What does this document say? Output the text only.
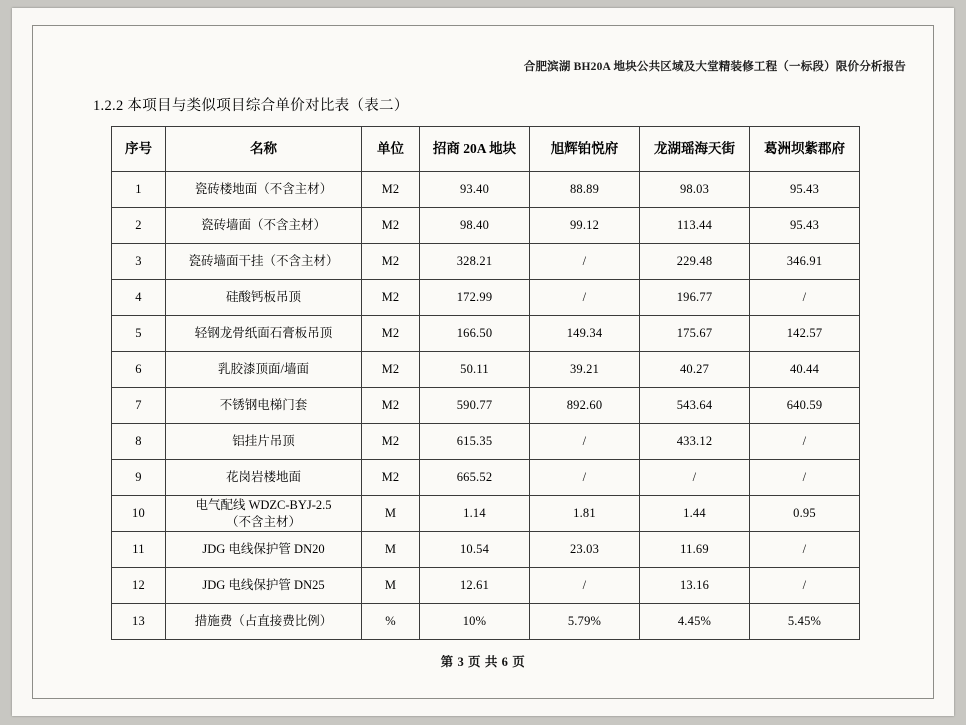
合肥滨湖 BH20A 地块公共区域及大堂精装修工程（一标段）限价分析报告
1.2.2 本项目与类似项目综合单价对比表（表二）
序号	名称	单位	招商 20A 地块	旭辉铂悦府	龙湖瑶海天街	葛洲坝紫郡府
1	瓷砖楼地面（不含主材）	M2	93.40	88.89	98.03	95.43
2	瓷砖墙面（不含主材）	M2	98.40	99.12	113.44	95.43
3	瓷砖墙面干挂（不含主材）	M2	328.21	/	229.48	346.91
4	硅酸钙板吊顶	M2	172.99	/	196.77	/
5	轻钢龙骨纸面石膏板吊顶	M2	166.50	149.34	175.67	142.57
6	乳胶漆顶面/墙面	M2	50.11	39.21	40.27	40.44
7	不锈钢电梯门套	M2	590.77	892.60	543.64	640.59
8	铝挂片吊顶	M2	615.35	/	433.12	/
9	花岗岩楼地面	M2	665.52	/	/	/
10	电气配线 WDZC-BYJ-2.5
（不含主材）	M	1.14	1.81	1.44	0.95
11	JDG 电线保护管 DN20	M	10.54	23.03	11.69	/
12	JDG 电线保护管 DN25	M	12.61	/	13.16	/
13	措施费（占直接费比例）	%	10%	5.79%	4.45%	5.45%
第 3 页 共 6 页
